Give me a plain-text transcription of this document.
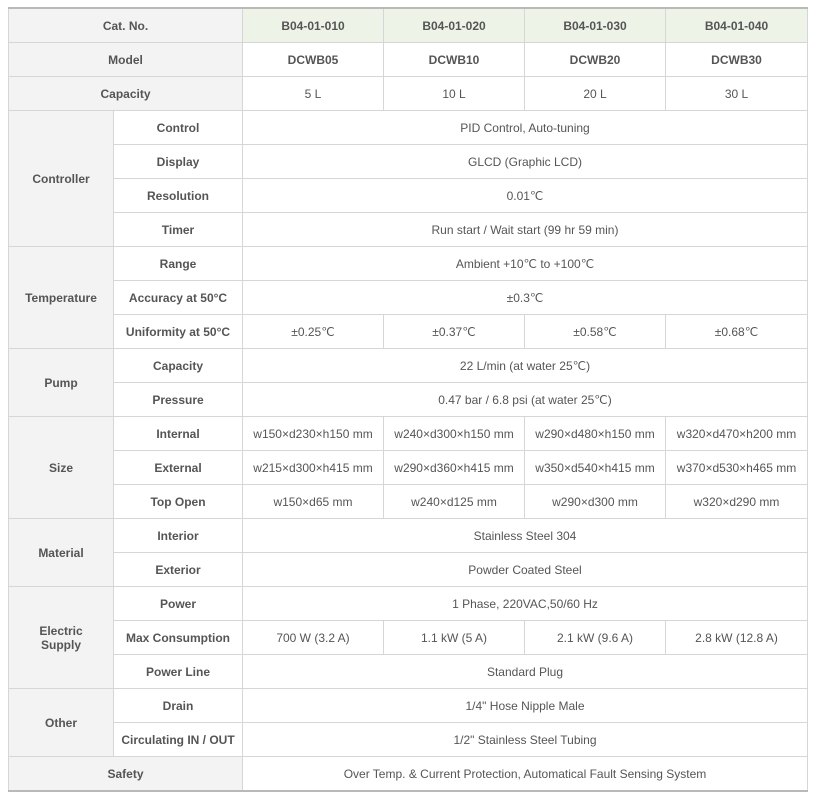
Cat. No.		B04-01-010	B04-01-020	B04-01-030	B04-01-040
Model		DCWB05	DCWB10	DCWB20	DCWB30
Capacity		5 L	10 L	20 L	30 L
Controller	Control	PID Control, Auto-tuning			
	Display	GLCD (Graphic LCD)			
	Resolution	0.01℃			
	Timer	Run start / Wait start (99 hr 59 min)			
Temperature	Range	Ambient +10℃ to +100℃			
	Accuracy at 50°C	±0.3℃			
	Uniformity at 50°C	±0.25℃	±0.37℃	±0.58℃	±0.68℃
Pump	Capacity	22 L/min (at water 25℃)			
	Pressure	0.47 bar / 6.8 psi (at water 25℃)			
Size	Internal	w150×d230×h150 mm	w240×d300×h150 mm	w290×d480×h150 mm	w320×d470×h200 mm
	External	w215×d300×h415 mm	w290×d360×h415 mm	w350×d540×h415 mm	w370×d530×h465 mm
	Top Open	w150×d65 mm	w240×d125 mm	w290×d300 mm	w320×d290 mm
Material	Interior	Stainless Steel 304			
	Exterior	Powder Coated Steel			
Electric
Supply	Power	1 Phase, 220VAC,50/60 Hz			
	Max Consumption	700 W (3.2 A)	1.1 kW (5 A)	2.1 kW (9.6 A)	2.8 kW (12.8 A)
	Power Line	Standard Plug			
Other	Drain	1/4" Hose Nipple Male			
	Circulating IN / OUT	1/2" Stainless Steel Tubing			
Safety		Over Temp. & Current Protection, Automatical Fault Sensing System			
